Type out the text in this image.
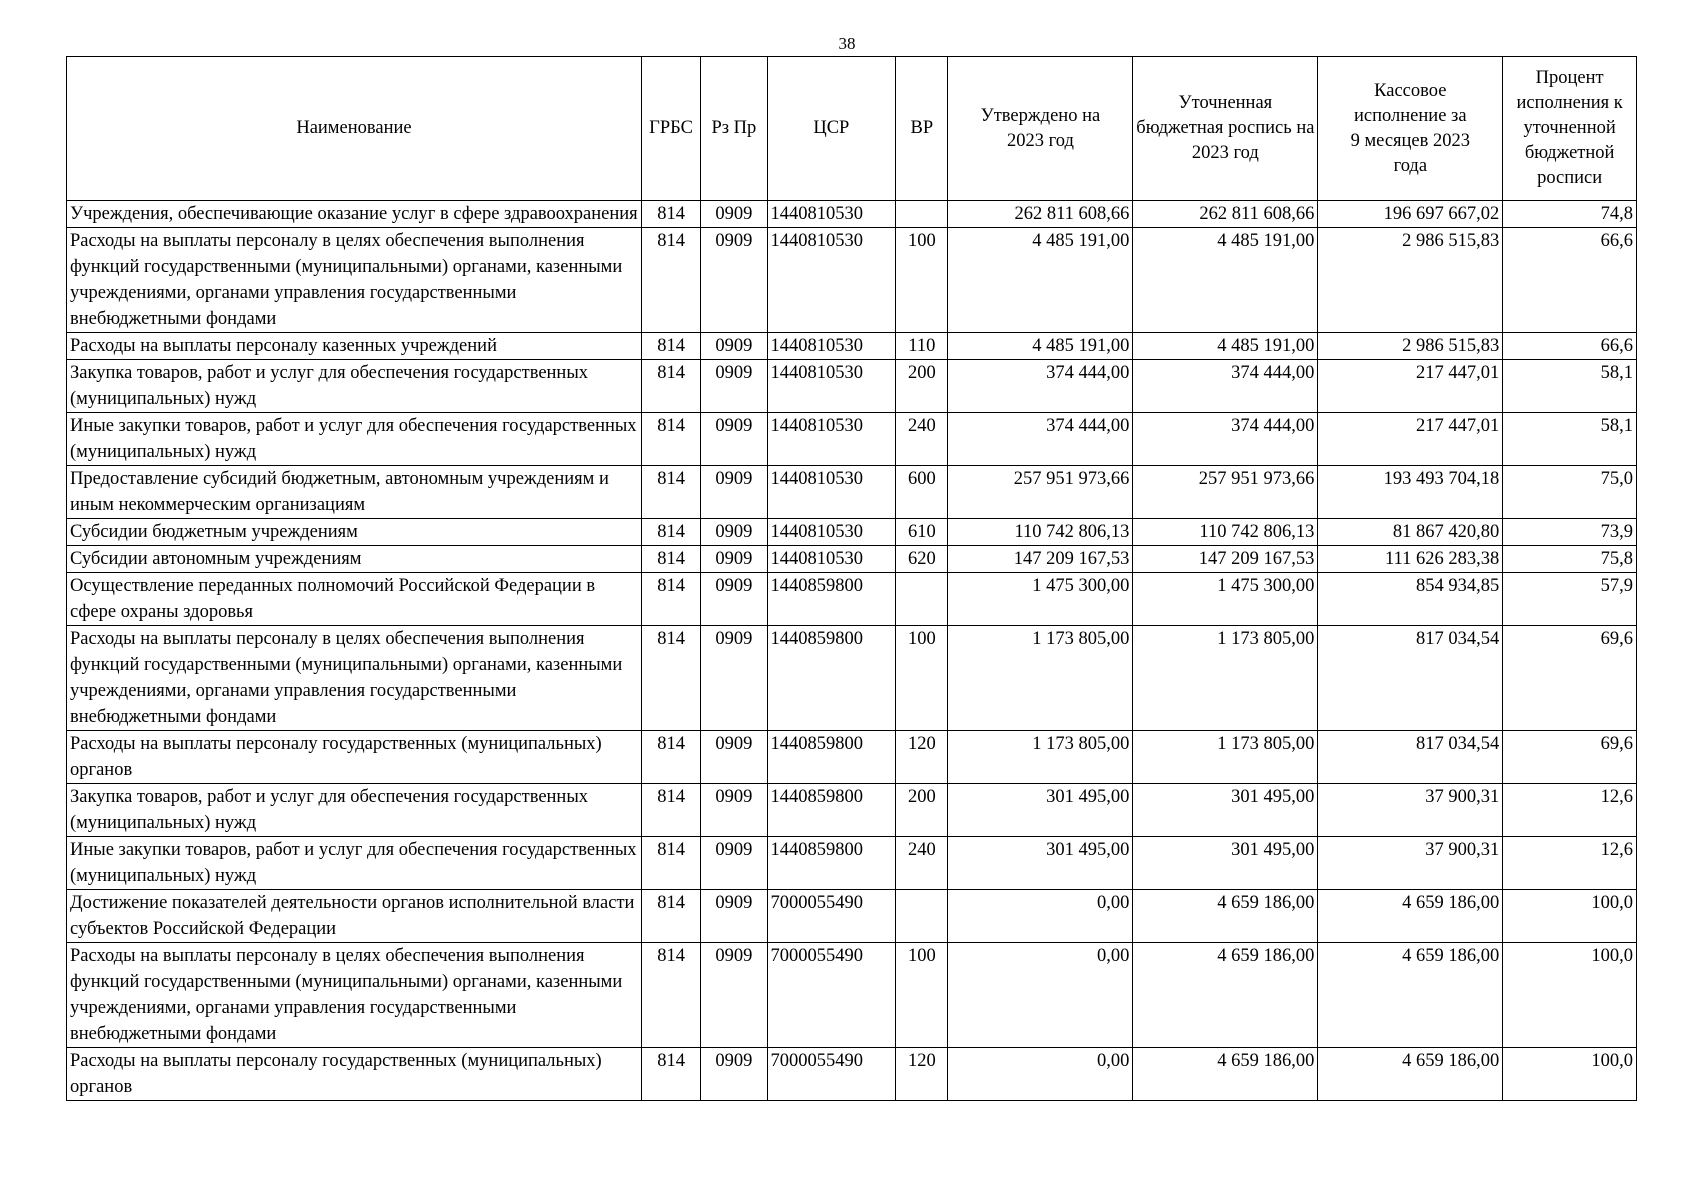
38
Наименование	ГРБС	Рз Пр	ЦСР	ВР	Утверждено на 2023 год	Уточненная бюджетная роспись на 2023 год	Кассовое исполнение за 9 месяцев 2023 года	Процент исполнения к уточненной бюджетной росписи
Учреждения, обеспечивающие оказание услуг в сфере здравоохранения	814	0909	1440810530		262 811 608,66	262 811 608,66	196 697 667,02	74,8
Расходы на выплаты персоналу в целях обеспечения выполнения функций государственными (муниципальными) органами, казенными учреждениями, органами управления государственными внебюджетными фондами	814	0909	1440810530	100	4 485 191,00	4 485 191,00	2 986 515,83	66,6
Расходы на выплаты персоналу казенных учреждений	814	0909	1440810530	110	4 485 191,00	4 485 191,00	2 986 515,83	66,6
Закупка товаров, работ и услуг для обеспечения государственных (муниципальных) нужд	814	0909	1440810530	200	374 444,00	374 444,00	217 447,01	58,1
Иные закупки товаров, работ и услуг для обеспечения государственных (муниципальных) нужд	814	0909	1440810530	240	374 444,00	374 444,00	217 447,01	58,1
Предоставление субсидий бюджетным, автономным учреждениям и иным некоммерческим организациям	814	0909	1440810530	600	257 951 973,66	257 951 973,66	193 493 704,18	75,0
Субсидии бюджетным учреждениям	814	0909	1440810530	610	110 742 806,13	110 742 806,13	81 867 420,80	73,9
Субсидии автономным учреждениям	814	0909	1440810530	620	147 209 167,53	147 209 167,53	111 626 283,38	75,8
Осуществление переданных полномочий Российской Федерации в сфере охраны здоровья	814	0909	1440859800		1 475 300,00	1 475 300,00	854 934,85	57,9
Расходы на выплаты персоналу в целях обеспечения выполнения функций государственными (муниципальными) органами, казенными учреждениями, органами управления государственными внебюджетными фондами	814	0909	1440859800	100	1 173 805,00	1 173 805,00	817 034,54	69,6
Расходы на выплаты персоналу государственных (муниципальных) органов	814	0909	1440859800	120	1 173 805,00	1 173 805,00	817 034,54	69,6
Закупка товаров, работ и услуг для обеспечения государственных (муниципальных) нужд	814	0909	1440859800	200	301 495,00	301 495,00	37 900,31	12,6
Иные закупки товаров, работ и услуг для обеспечения государственных (муниципальных) нужд	814	0909	1440859800	240	301 495,00	301 495,00	37 900,31	12,6
Достижение показателей деятельности органов исполнительной власти субъектов Российской Федерации	814	0909	7000055490		0,00	4 659 186,00	4 659 186,00	100,0
Расходы на выплаты персоналу в целях обеспечения выполнения функций государственными (муниципальными) органами, казенными учреждениями, органами управления государственными внебюджетными фондами	814	0909	7000055490	100	0,00	4 659 186,00	4 659 186,00	100,0
Расходы на выплаты персоналу государственных (муниципальных) органов	814	0909	7000055490	120	0,00	4 659 186,00	4 659 186,00	100,0
